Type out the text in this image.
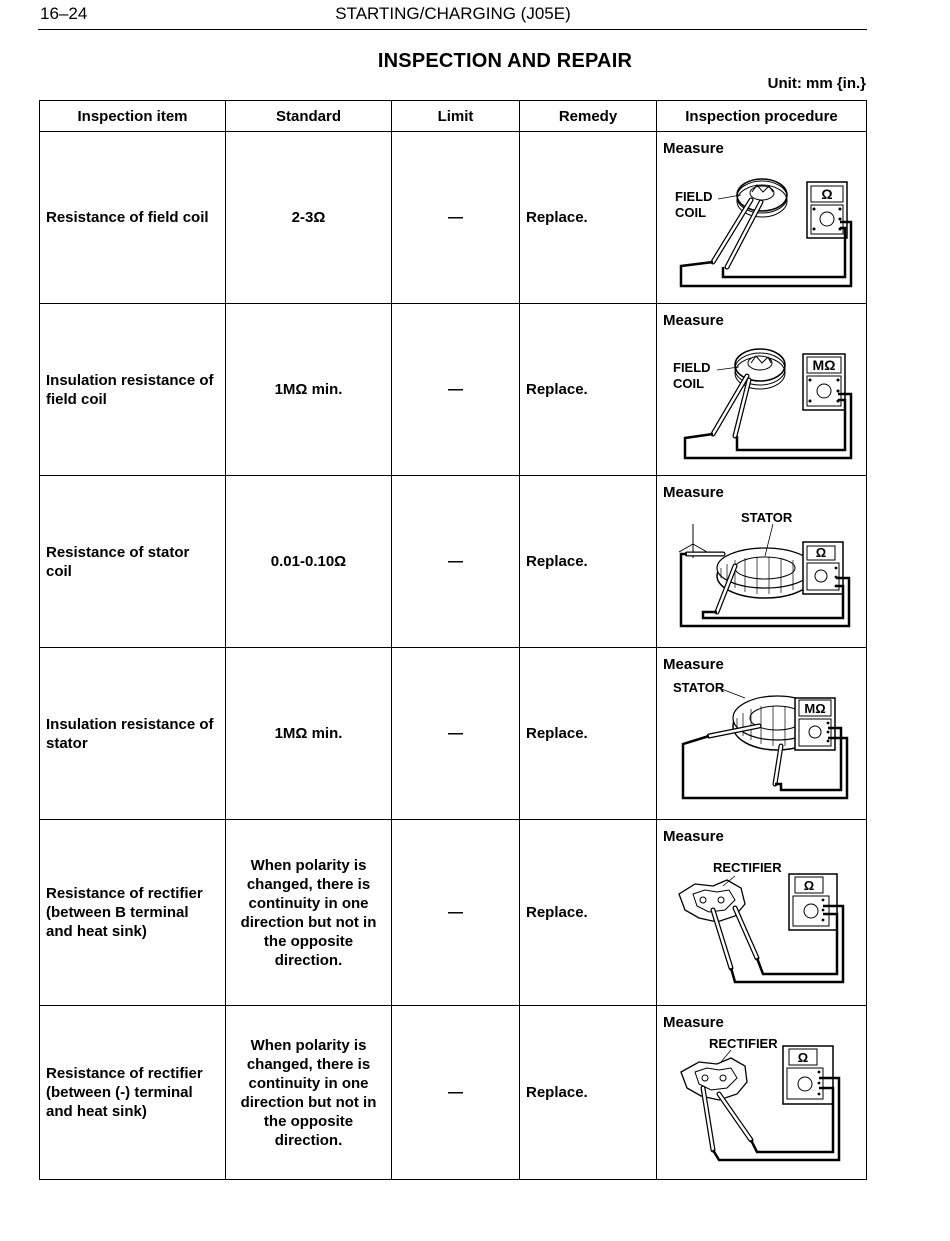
16–24	STARTING/CHARGING (J05E)
INSPECTION AND REPAIR
Unit: mm {in.}
Inspection item	Standard	Limit	Remedy	Inspection procedure
Resistance of field coil	2-3Ω	—	Replace.	Measure
FIELD
COIL
Ω

Insulation resistance of field coil	1MΩ min.	—	Replace.	Measure
FIELD
COIL
MΩ

Resistance of stator coil	0.01-0.10Ω	—	Replace.	Measure
STATOR
Ω

Insulation resistance of stator	1MΩ min.	—	Replace.	Measure
STATOR
MΩ

Resistance of rectifier (between B terminal and heat sink)	When polarity is changed, there is continuity in one direction but not in the opposite direction.	—	Replace.	Measure
RECTIFIER
Ω

Resistance of rectifier (between (-) terminal and heat sink)	When polarity is changed, there is continuity in one direction but not in the opposite direction.	—	Replace.	Measure
RECTIFIER
Ω
